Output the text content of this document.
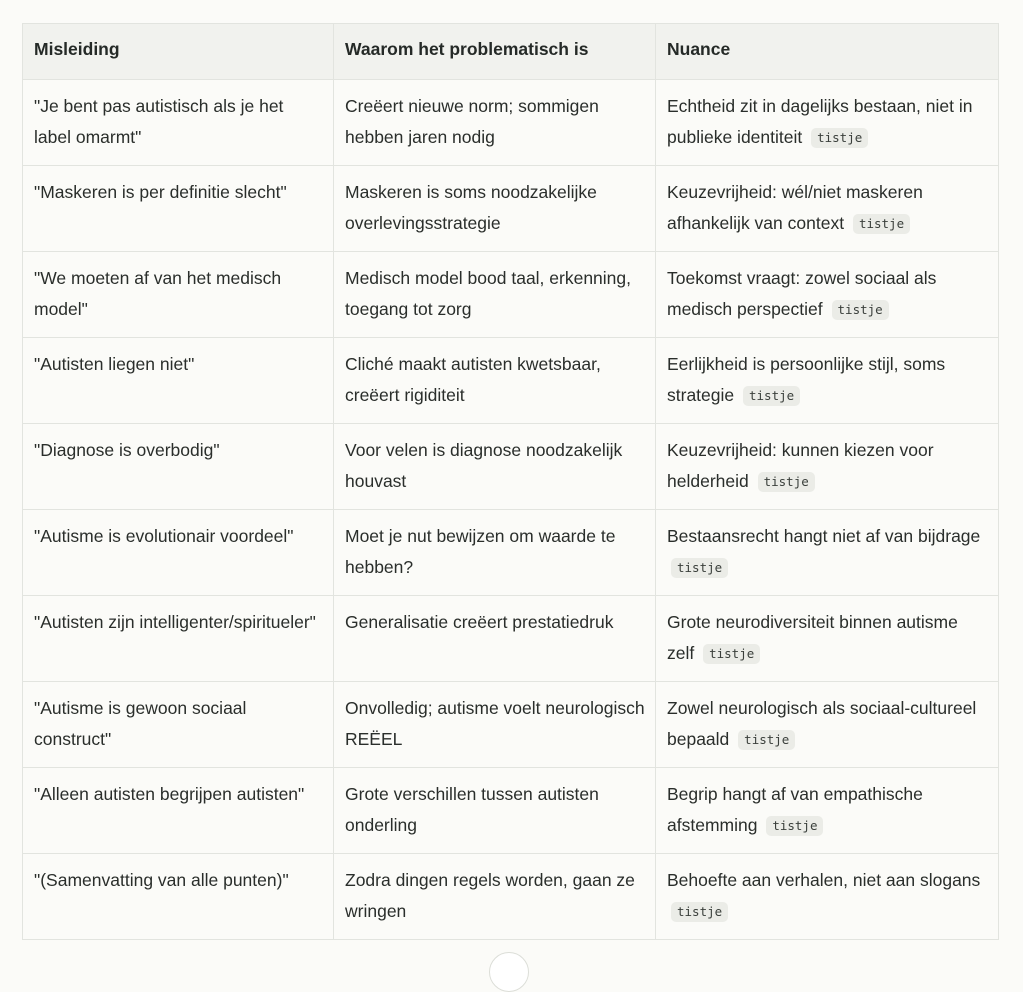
Misleiding	Waarom het problematisch is	Nuance
"Je bent pas autistisch als je het label omarmt"	Creëert nieuwe norm; sommigen hebben jaren nodig	Echtheid zit in dagelijks bestaan, niet in publieke identiteit tistje
"Maskeren is per definitie slecht"	Maskeren is soms noodzakelijke overlevingsstrategie	Keuzevrijheid: wél/niet maskeren afhankelijk van context tistje
"We moeten af van het medisch model"	Medisch model bood taal, erkenning, toegang tot zorg	Toekomst vraagt: zowel sociaal als medisch perspectief tistje
"Autisten liegen niet"	Cliché maakt autisten kwetsbaar, creëert rigiditeit	Eerlijkheid is persoonlijke stijl, soms strategie tistje
"Diagnose is overbodig"	Voor velen is diagnose noodzakelijk houvast	Keuzevrijheid: kunnen kiezen voor helderheid tistje
"Autisme is evolutionair voordeel"	Moet je nut bewijzen om waarde te hebben?	Bestaansrecht hangt niet af van bijdrage tistje
"Autisten zijn intelligenter/spiritueler"	Generalisatie creëert prestatiedruk	Grote neurodiversiteit binnen autisme zelf tistje
"Autisme is gewoon sociaal construct"	Onvolledig; autisme voelt neurologisch REËEL	Zowel neurologisch als sociaal-cultureel bepaald tistje
"Alleen autisten begrijpen autisten"	Grote verschillen tussen autisten onderling	Begrip hangt af van empathische afstemming tistje
"(Samenvatting van alle punten)"	Zodra dingen regels worden, gaan ze wringen	Behoefte aan verhalen, niet aan slogans tistje
